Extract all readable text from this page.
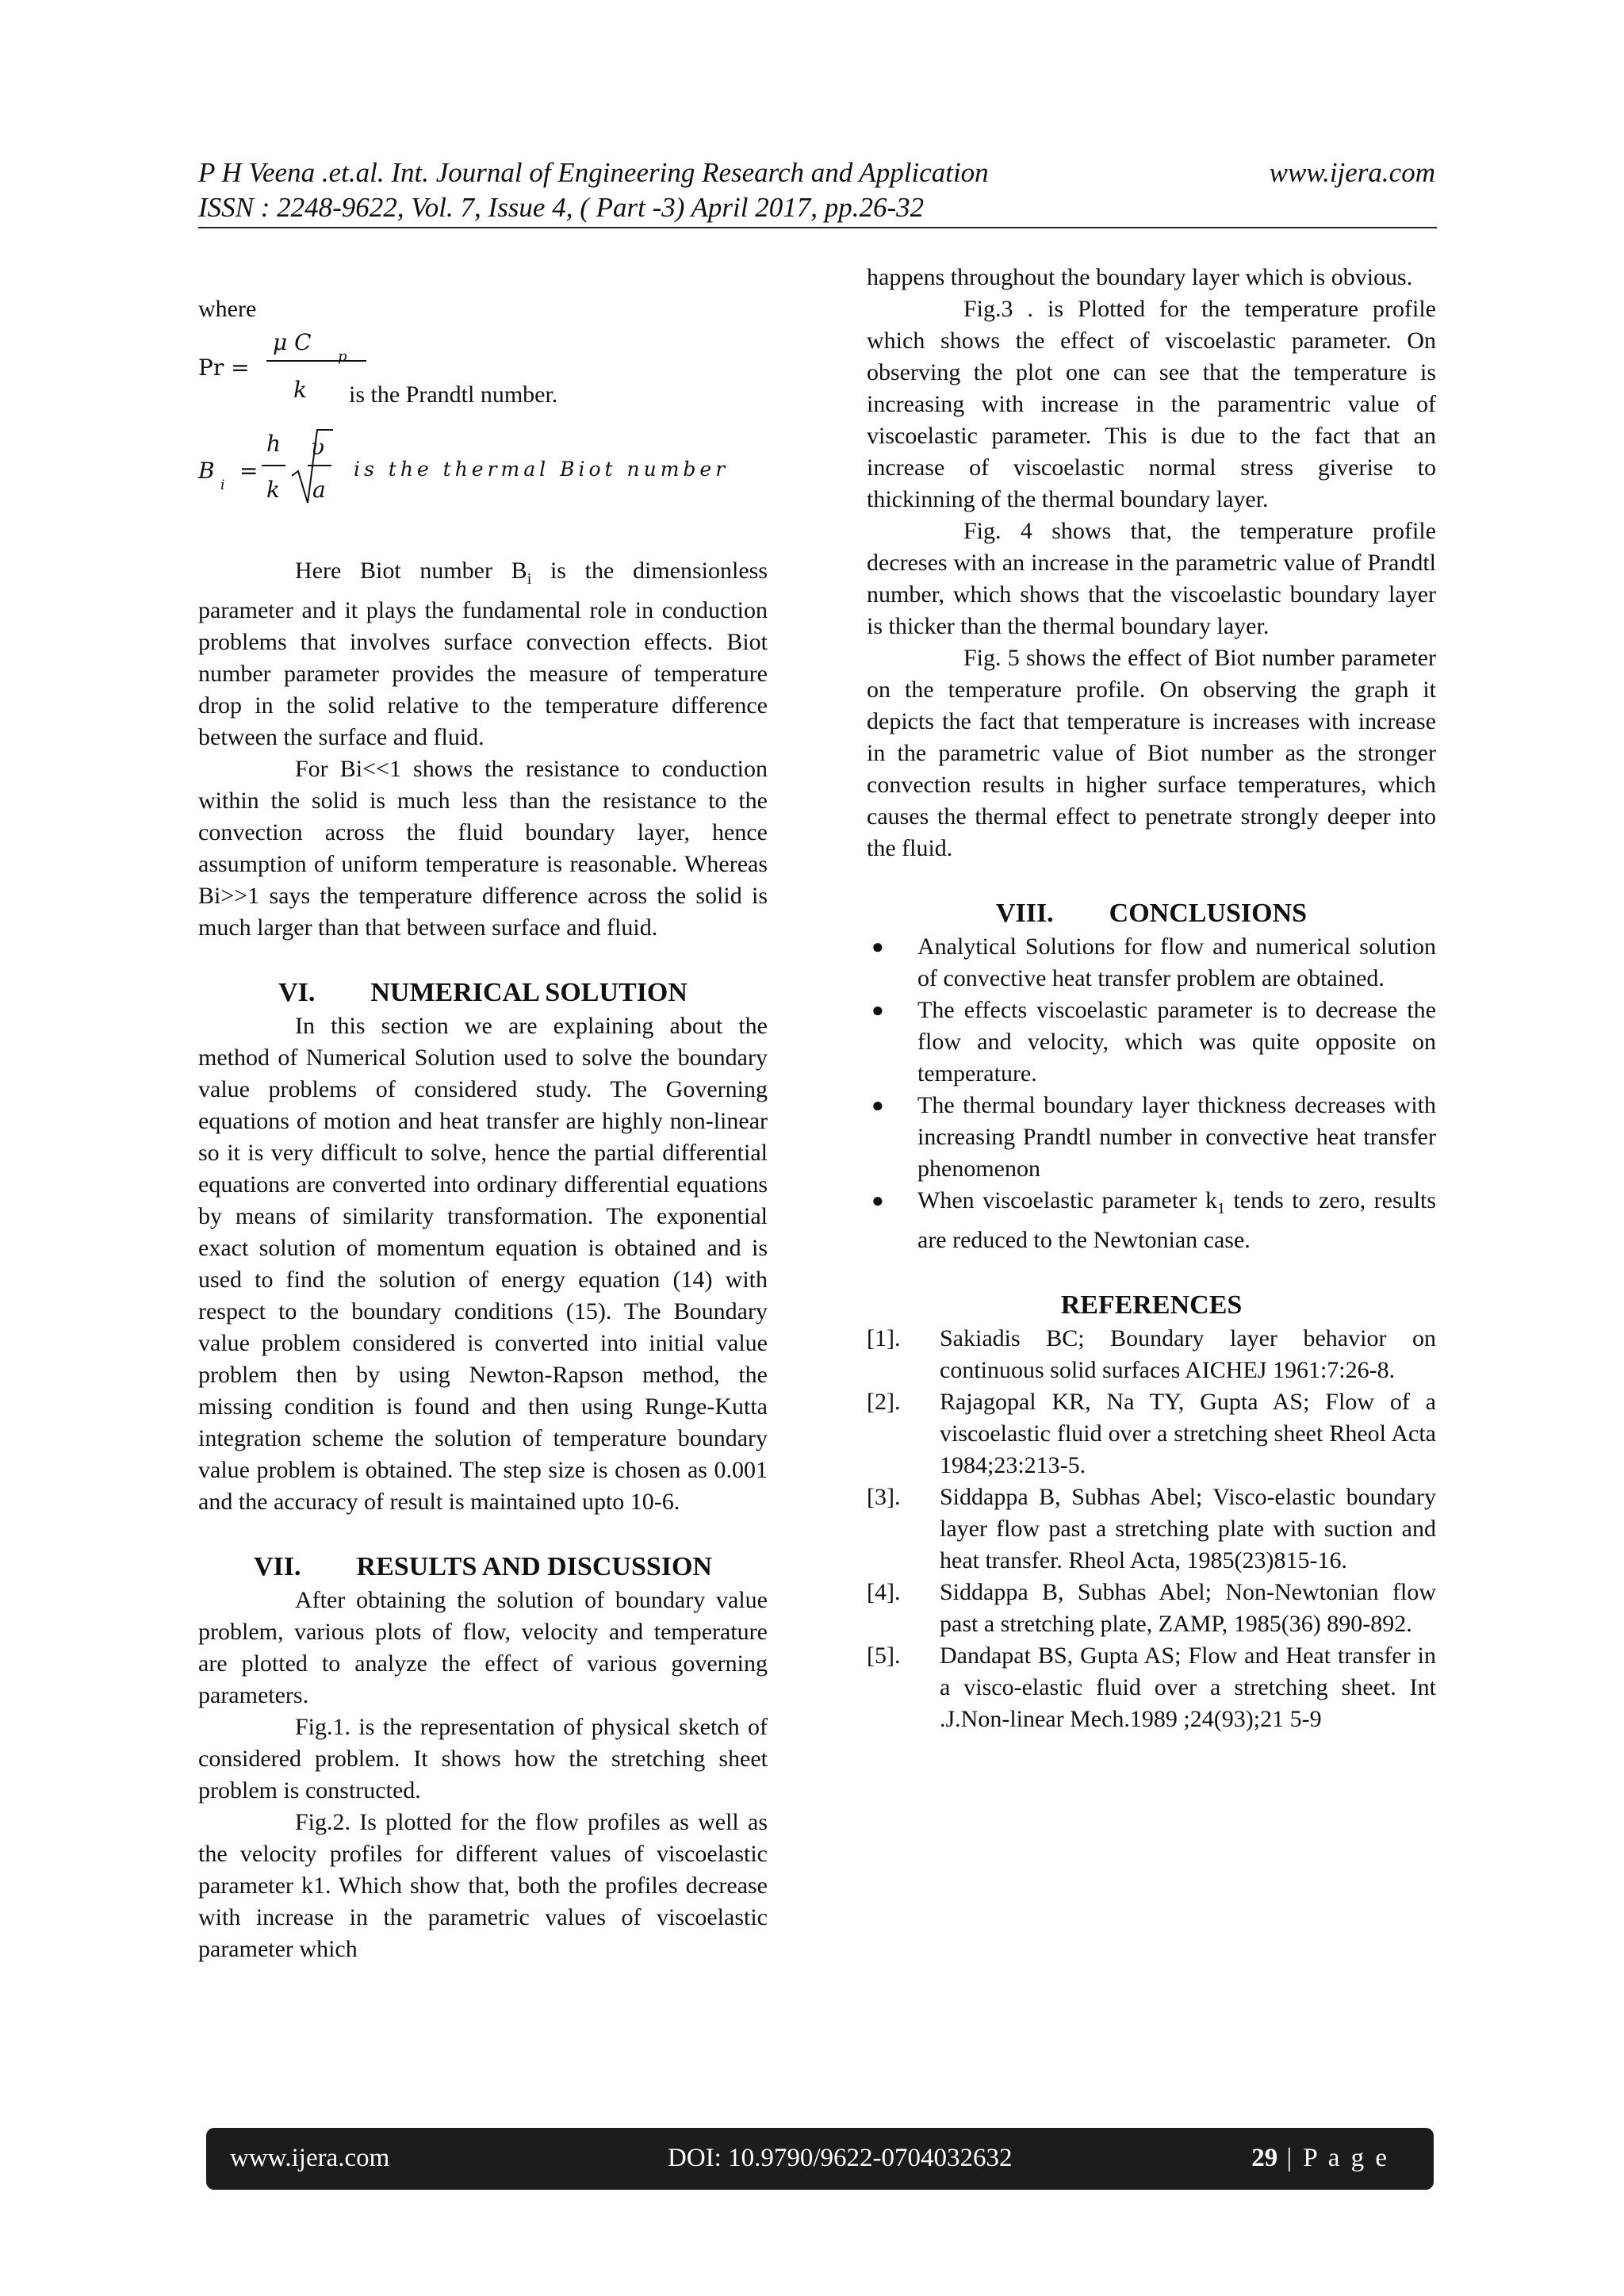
P H Veena .et.al. Int. Journal of Engineering Research and Application	www.ijera.com
ISSN : 2248-9622, Vol. 7, Issue 4, ( Part -3) April 2017, pp.26-32

where

Pr =
μ C
p
k is the Prandtl number.
B
i
=
h
k
υ
a
is the thermal Biot number

Here Biot number $B_i$ is the dimensionless parameter and it plays the fundamental role in conduction problems that involves surface convection effects. Biot number parameter provides the measure of temperature drop in the solid relative to the temperature difference between the surface and fluid.

For Bi<<1 shows the resistance to conduction within the solid is much less than the resistance to the convection across the fluid boundary layer, hence assumption of uniform temperature is reasonable. Whereas Bi>>1 says the temperature difference across the solid is much larger than that between surface and fluid.

VI. NUMERICAL SOLUTION

In this section we are explaining about the method of Numerical Solution used to solve the boundary value problems of considered study. The Governing equations of motion and heat transfer are highly non-linear so it is very difficult to solve, hence the partial differential equations are converted into ordinary differential equations by means of similarity transformation. The exponential exact solution of momentum equation is obtained and is used to find the solution of energy equation (14) with respect to the boundary conditions (15). The Boundary value problem considered is converted into initial value problem then by using Newton-Rapson method, the missing condition is found and then using Runge-Kutta integration scheme the solution of temperature boundary value problem is obtained. The step size is chosen as 0.001 and the accuracy of result is maintained upto 10-6.

VII. RESULTS AND DISCUSSION

After obtaining the solution of boundary value problem, various plots of flow, velocity and temperature are plotted to analyze the effect of various governing parameters.

Fig.1. is the representation of physical sketch of considered problem. It shows how the stretching sheet problem is constructed.

Fig.2. Is plotted for the flow profiles as well as the velocity profiles for different values of viscoelastic parameter k1. Which show that, both the profiles decrease with increase in the parametric values of viscoelastic parameter which

happens throughout the boundary layer which is obvious.

Fig.3 . is Plotted for the temperature profile which shows the effect of viscoelastic parameter. On observing the plot one can see that the temperature is increasing with increase in the paramentric value of viscoelastic parameter. This is due to the fact that an increase of viscoelastic normal stress giverise to thickinning of the thermal boundary layer.

Fig. 4 shows that, the temperature profile decreses with an increase in the parametric value of Prandtl number, which shows that the viscoelastic boundary layer is thicker than the thermal boundary layer.

Fig. 5 shows the effect of Biot number parameter on the temperature profile. On observing the graph it depicts the fact that temperature is increases with increase in the parametric value of Biot number as the stronger convection results in higher surface temperatures, which causes the thermal effect to penetrate strongly deeper into the fluid.

VIII. CONCLUSIONS
● Analytical Solutions for flow and numerical solution of convective heat transfer problem are obtained.
● The effects viscoelastic parameter is to decrease the flow and velocity, which was quite opposite on temperature.
● The thermal boundary layer thickness decreases with increasing Prandtl number in convective heat transfer phenomenon
● When viscoelastic parameter $k_1$ tends to zero, results are reduced to the Newtonian case.
REFERENCES
[1].	Sakiadis BC; Boundary layer behavior on continuous solid surfaces AICHEJ 1961:7:26-8.
[2].	Rajagopal KR, Na TY, Gupta AS; Flow of a viscoelastic fluid over a stretching sheet Rheol Acta 1984;23:213-5.
[3].	Siddappa B, Subhas Abel; Visco-elastic boundary layer flow past a stretching plate with suction and heat transfer. Rheol Acta, 1985(23)815-16.
[4].	Siddappa B, Subhas Abel; Non-Newtonian flow past a stretching plate, ZAMP, 1985(36) 890-892.
[5].	Dandapat BS, Gupta AS; Flow and Heat transfer in a visco-elastic fluid over a stretching sheet. Int .J.Non-linear Mech.1989 ;24(93);21 5-9
www.ijera.com	DOI: 10.9790/9622-0704032632	29 | P a g e
